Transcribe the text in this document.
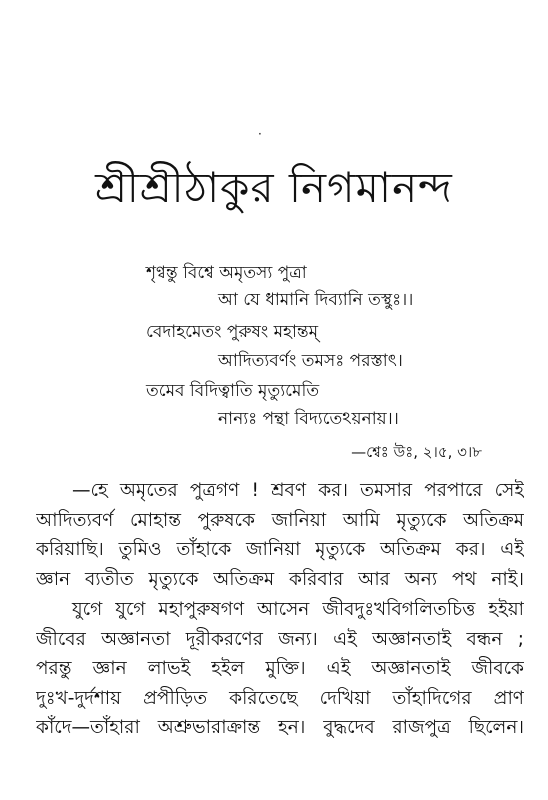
·
শ্রীশ্রীঠাকুর নিগমানন্দ
শৃণ্বন্তু বিশ্বে অমৃতস্য পুত্রা
আ যে ধামানি দিব্যানি তস্থুঃ।।
বেদাহমেতং পুরুষং মহান্তম্
আদিত্যবর্ণং তমসঃ পরস্তাৎ।
তমেব বিদিত্বাতি মৃত্যুমেতি
নান্যঃ পন্থা বিদ্যতেঽয়নায়।।
—শ্বেঃ উঃ, ২।৫, ৩।৮
—হে অমৃতের পুত্রগণ ! শ্রবণ কর। তমসার পরপারে সেই
আদিত্যবর্ণ মোহান্ত পুরুষকে জানিয়া আমি মৃত্যুকে অতিক্রম
করিয়াছি। তুমিও তাঁহাকে জানিয়া মৃত্যুকে অতিক্রম কর। এই
জ্ঞান ব্যতীত মৃত্যুকে অতিক্রম করিবার আর অন্য পথ নাই।
যুগে যুগে মহাপুরুষগণ আসেন জীবদুঃখবিগলিতচিত্ত হইয়া
জীবের অজ্ঞানতা দূরীকরণের জন্য। এই অজ্ঞানতাই বন্ধন ;
পরন্তু জ্ঞান লাভই হইল মুক্তি। এই অজ্ঞানতাই জীবকে
দুঃখ-দুর্দশায় প্রপীড়িত করিতেছে দেখিয়া তাঁহাদিগের প্রাণ
কাঁদে—তাঁহারা অশ্রুভারাক্রান্ত হন। বুদ্ধদেব রাজপুত্র ছিলেন।
